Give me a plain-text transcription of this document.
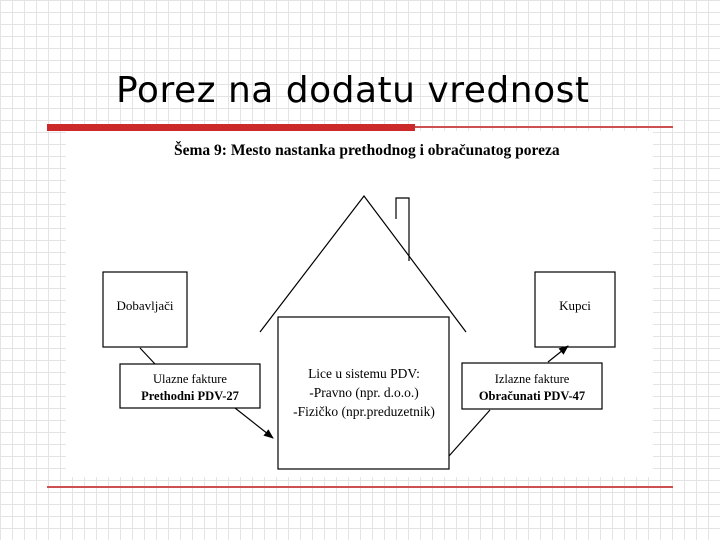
Porez na dodatu vrednost
Šema 9: Mesto nastanka prethodnog i obračunatog poreza
Dobavljači	Kupci
Lice u sistemu PDV:
-Pravno (npr. d.o.o.)
-Fizičko (npr.preduzetnik)
Ulazne fakture
Prethodni PDV-27
Izlazne fakture
Obračunati PDV-47
